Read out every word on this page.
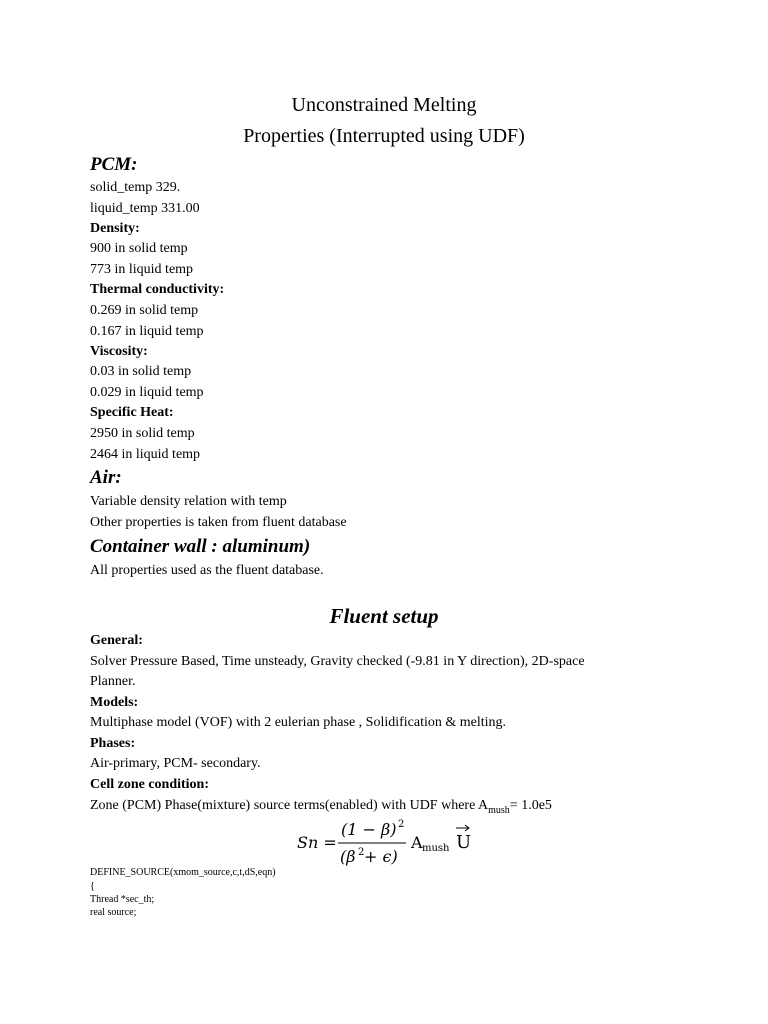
Unconstrained Melting
Properties (Interrupted using UDF)
PCM:
solid_temp 329.
liquid_temp 331.00
Density:
900 in solid temp
773 in liquid temp
Thermal conductivity:
0.269 in solid temp
0.167 in liquid temp
Viscosity:
0.03 in solid temp
0.029 in liquid temp
Specific Heat:
2950 in solid temp
2464 in liquid temp
Air:
Variable density relation with temp
Other properties is taken from fluent database
Container wall : aluminum)
All properties used as the fluent database.
Fluent setup
General:
Solver Pressure Based, Time unsteady, Gravity checked (-9.81 in Y direction), 2D-space
Planner.
Models:
Multiphase model (VOF) with 2 eulerian phase , Solidification & melting.
Phases:
Air-primary, PCM- secondary.
Cell zone condition:
Zone (PCM) Phase(mixture) source terms(enabled) with UDF where $A_{mush}= 1.0e5$
Sn =
(1 − β) 2
(β 2 + ϵ)
A mush U
DEFINE_SOURCE(xmom_source,c,t,dS,eqn)
{
Thread *sec_th;
real source;
